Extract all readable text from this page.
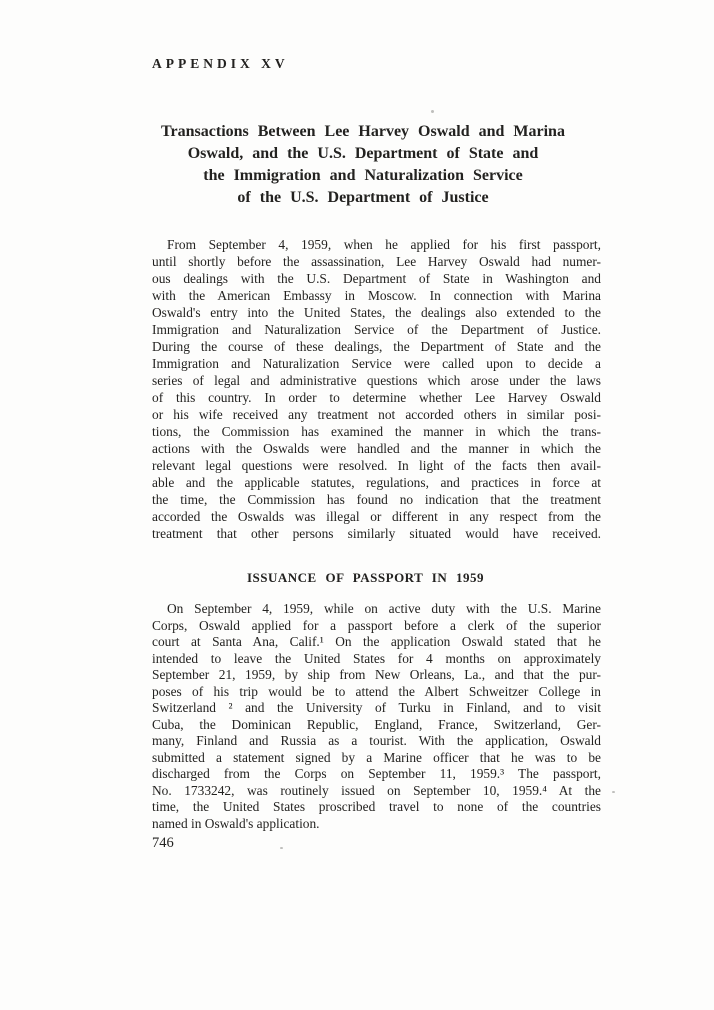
APPENDIX XV
Transactions Between Lee Harvey Oswald and Marina
Oswald, and the U.S. Department of State and
the Immigration and Naturalization Service
of the U.S. Department of Justice
From September 4, 1959, when he applied for his first passport,
until shortly before the assassination, Lee Harvey Oswald had numer-
ous dealings with the U.S. Department of State in Washington and
with the American Embassy in Moscow. In connection with Marina
Oswald's entry into the United States, the dealings also extended to the
Immigration and Naturalization Service of the Department of Justice.
During the course of these dealings, the Department of State and the
Immigration and Naturalization Service were called upon to decide a
series of legal and administrative questions which arose under the laws
of this country. In order to determine whether Lee Harvey Oswald
or his wife received any treatment not accorded others in similar posi-
tions, the Commission has examined the manner in which the trans-
actions with the Oswalds were handled and the manner in which the
relevant legal questions were resolved. In light of the facts then avail-
able and the applicable statutes, regulations, and practices in force at
the time, the Commission has found no indication that the treatment
accorded the Oswalds was illegal or different in any respect from the
treatment that other persons similarly situated would have received.
ISSUANCE OF PASSPORT IN 1959
On September 4, 1959, while on active duty with the U.S. Marine
Corps, Oswald applied for a passport before a clerk of the superior
court at Santa Ana, Calif.¹ On the application Oswald stated that he
intended to leave the United States for 4 months on approximately
September 21, 1959, by ship from New Orleans, La., and that the pur-
poses of his trip would be to attend the Albert Schweitzer College in
Switzerland ² and the University of Turku in Finland, and to visit
Cuba, the Dominican Republic, England, France, Switzerland, Ger-
many, Finland and Russia as a tourist. With the application, Oswald
submitted a statement signed by a Marine officer that he was to be
discharged from the Corps on September 11, 1959.³ The passport,
No. 1733242, was routinely issued on September 10, 1959.⁴ At the
time, the United States proscribed travel to none of the countries
named in Oswald's application.
746
